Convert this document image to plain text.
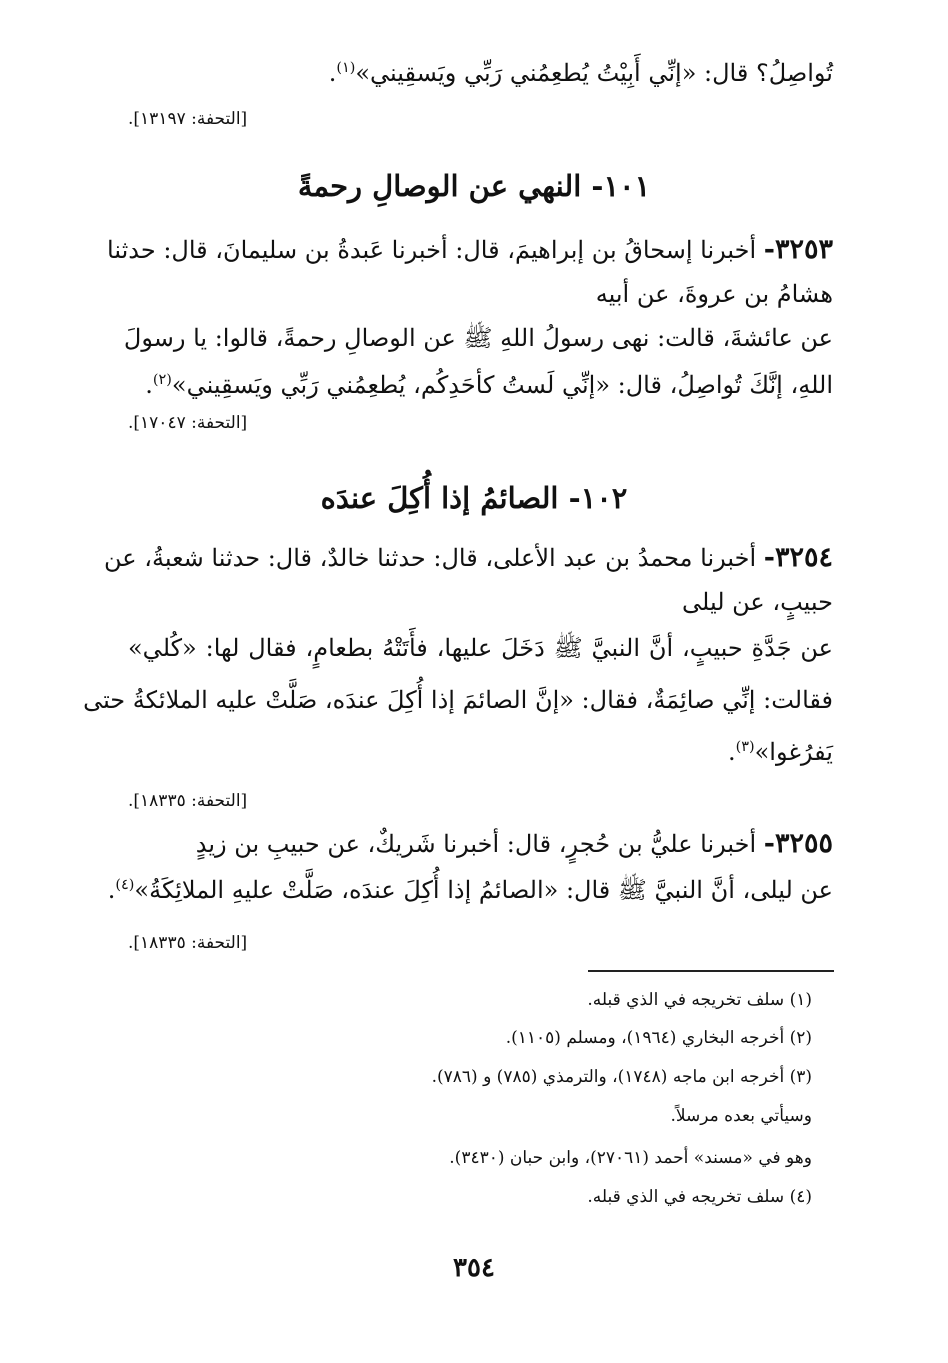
تُواصِلُ؟ قال: «إنِّي أَبِيْتُ يُطعِمُني رَبِّي ويَسقِيني»$^{(١)}$.
[التحفة: ١٣١٩٧].
١٠١- النهي عن الوصالِ رحمةً
٣٢٥٣- أخبرنا إسحاقُ بن إبراهيمَ، قال: أخبرنا عَبدةُ بن سليمانَ، قال: حدثنا
هشامُ بن عروةَ، عن أبيه
عن عائشةَ، قالت: نهى رسولُ اللهِ ﷺ عن الوصالِ رحمةً، قالوا: يا رسولَ
اللهِ، إنَّكَ تُواصِلُ، قال: «إنِّي لَستُ كأحَدِكُم، يُطعِمُني رَبِّي ويَسقِيني»$^{(٢)}$.
[التحفة: ١٧٠٤٧].
١٠٢- الصائمُ إذا أُكِلَ عندَه
٣٢٥٤- أخبرنا محمدُ بن عبد الأعلى، قال: حدثنا خالدٌ، قال: حدثنا شعبةُ، عن
حبيبٍ، عن ليلى
عن جَدَّةِ حبيبٍ، أنَّ النبيَّ ﷺ دَخَلَ عليها، فأَتَتْهُ بطعامٍ، فقال لها: «كُلي»
فقالت: إنِّي صائِمَةٌ، فقال: «إنَّ الصائمَ إذا أُكِلَ عندَه، صَلَّتْ عليه الملائكةُ حتى
يَفرُغوا»$^{(٣)}$.
[التحفة: ١٨٣٣٥].
٣٢٥٥- أخبرنا عليُّ بن حُجرٍ، قال: أخبرنا شَريكٌ، عن حبيبِ بن زيدٍ
عن ليلى، أنَّ النبيَّ ﷺ قال: «الصائمُ إذا أُكِلَ عندَه، صَلَّتْ عليهِ الملائِكَةُ»$^{(٤)}$.
[التحفة: ١٨٣٣٥].
(١) سلف تخريجه في الذي قبله.
(٢) أخرجه البخاري (١٩٦٤)، ومسلم (١١٠٥).
(٣) أخرجه ابن ماجه (١٧٤٨)، والترمذي (٧٨٥) و (٧٨٦).
وسيأتي بعده مرسلاً.
وهو في «مسند» أحمد (٢٧٠٦١)، وابن حبان (٣٤٣٠).
(٤) سلف تخريجه في الذي قبله.
٣٥٤
